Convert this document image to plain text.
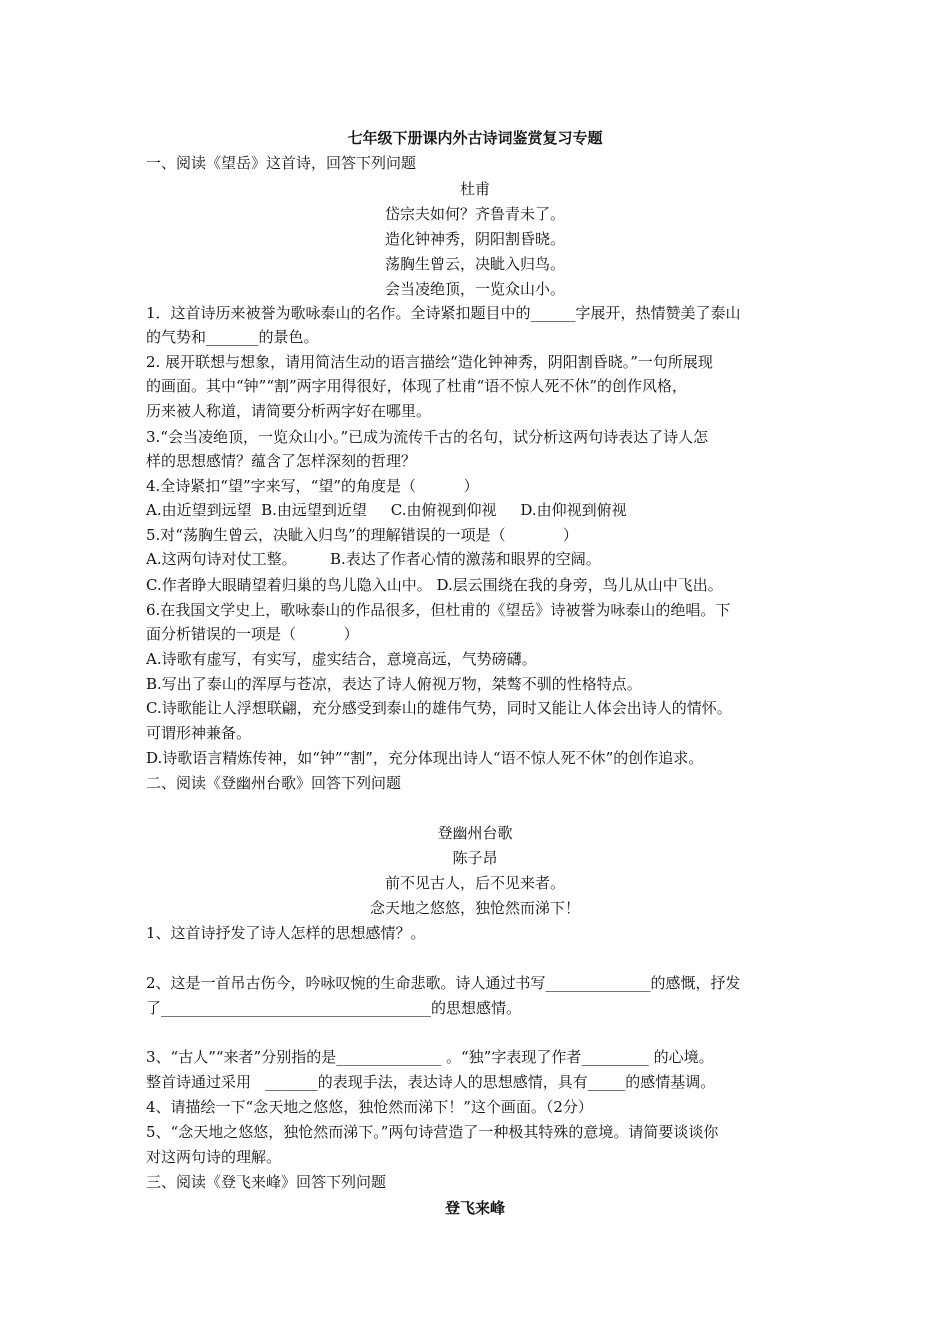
七年级下册课内外古诗词鉴赏复习专题
一、阅读《望岳》这首诗，回答下列问题
杜甫
岱宗夫如何？齐鲁青未了。
造化钟神秀，阴阳割昏晓。
荡胸生曾云，决眦入归鸟。
会当凌绝顶，一览众山小。
1．这首诗历来被誉为歌咏泰山的名作。全诗紧扣题目中的______字展开，热情赞美了泰山
的气势和_______的景色。
2. 展开联想与想象，请用简洁生动的语言描绘“造化钟神秀，阴阳割昏晓。”一句所展现
的画面。其中“钟”“割”两字用得很好，体现了杜甫“语不惊人死不休”的创作风格，
历来被人称道，请简要分析两字好在哪里。
3.“会当凌绝顶，一览众山小。”已成为流传千古的名句，试分析这两句诗表达了诗人怎
样的思想感情？蕴含了怎样深刻的哲理？
4.全诗紧扣“望”字来写，“望”的角度是（          ）
A.由近望到远望  B.由远望到近望     C.由俯视到仰视     D.由仰视到俯视
5.对“荡胸生曾云，决眦入归鸟”的理解错误的一项是（            ）
A.这两句诗对仗工整。       B.表达了作者心情的激荡和眼界的空阔。
C.作者睁大眼睛望着归巢的鸟儿隐入山中。 D.层云围绕在我的身旁，鸟儿从山中飞出。
6.在我国文学史上，歌咏泰山的作品很多，但杜甫的《望岳》诗被誉为咏泰山的绝唱。下
面分析错误的一项是（          ）
A.诗歌有虚写，有实写，虚实结合，意境高远，气势磅礴。
B.写出了泰山的浑厚与苍凉，表达了诗人俯视万物，桀骜不驯的性格特点。
C.诗歌能让人浮想联翩，充分感受到泰山的雄伟气势，同时又能让人体会出诗人的情怀。
可谓形神兼备。
D.诗歌语言精炼传神，如“钟”“割”，充分体现出诗人“语不惊人死不休”的创作追求。
二、阅读《登幽州台歌》回答下列问题
登幽州台歌
陈子昂
前不见古人，后不见来者。
念天地之悠悠，独怆然而涕下！
1、这首诗抒发了诗人怎样的思想感情？。
2、这是一首吊古伤今，吟咏叹惋的生命悲歌。诗人通过书写______________的感慨，抒发
了____________________________________的思想感情。
3、“古人”“来者”分别指的是______________ 。“独”字表现了作者_________ 的心境。
整首诗通过采用   _______的表现手法，表达诗人的思想感情，具有_____的感情基调。
4、请描绘一下“念天地之悠悠，独怆然而涕下！”这个画面。（2分）
5、“念天地之悠悠，独怆然而涕下。”两句诗营造了一种极其特殊的意境。请简要谈谈你
对这两句诗的理解。
三、阅读《登飞来峰》回答下列问题
登飞来峰
